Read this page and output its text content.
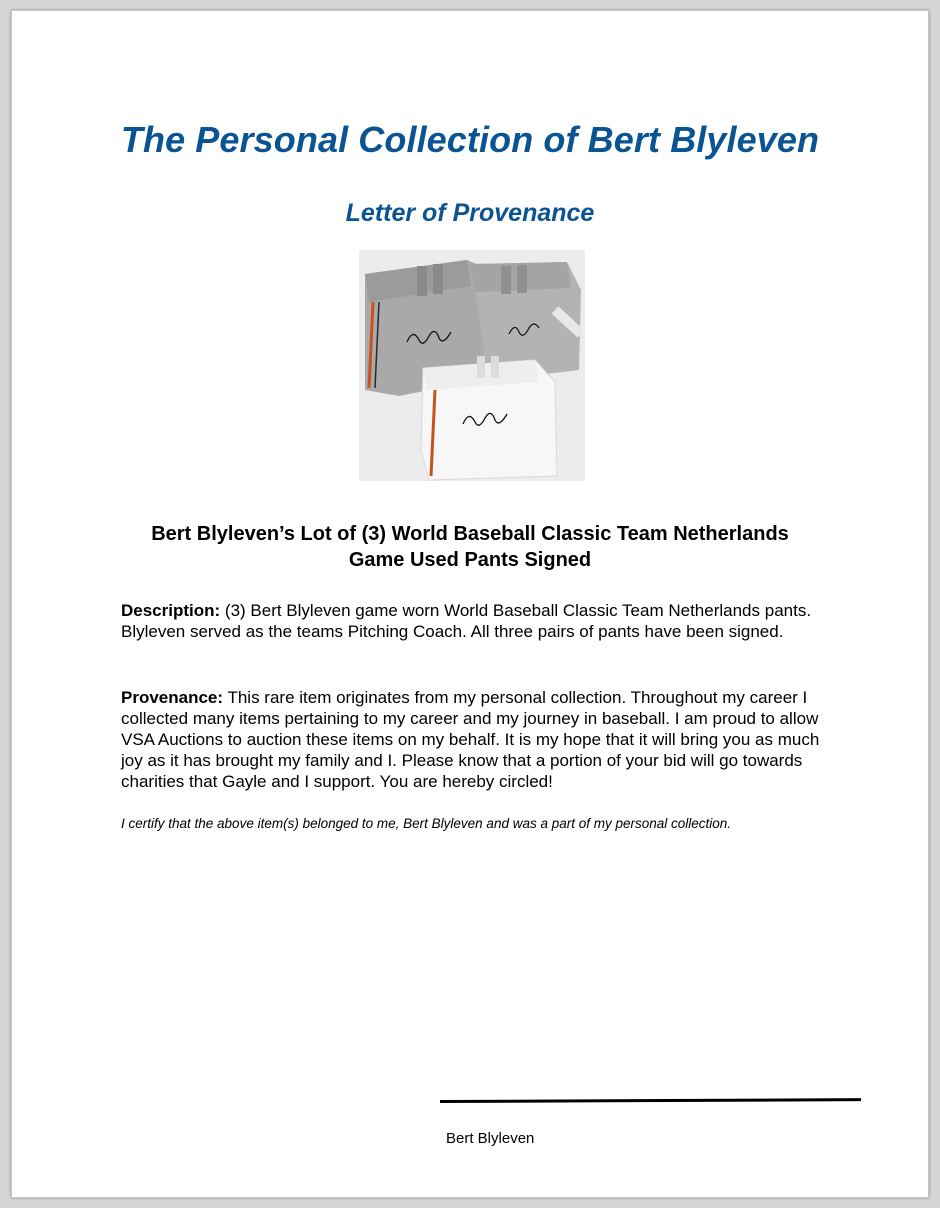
The Personal Collection of Bert Blyleven
Letter of Provenance
Bert Blyleven’s Lot of (3) World Baseball Classic Team Netherlands
Game Used Pants Signed

Description: (3) Bert Blyleven game worn World Baseball Classic Team Netherlands pants. Blyleven served as the teams Pitching Coach. All three pairs of pants have been signed.

Provenance: This rare item originates from my personal collection. Throughout my career I collected many items pertaining to my career and my journey in baseball. I am proud to allow VSA Auctions to auction these items on my behalf. It is my hope that it will bring you as much joy as it has brought my family and I. Please know that a portion of your bid will go towards charities that Gayle and I support. You are hereby circled!

I certify that the above item(s) belonged to me, Bert Blyleven and was a part of my personal collection.

Bert Blyleven
